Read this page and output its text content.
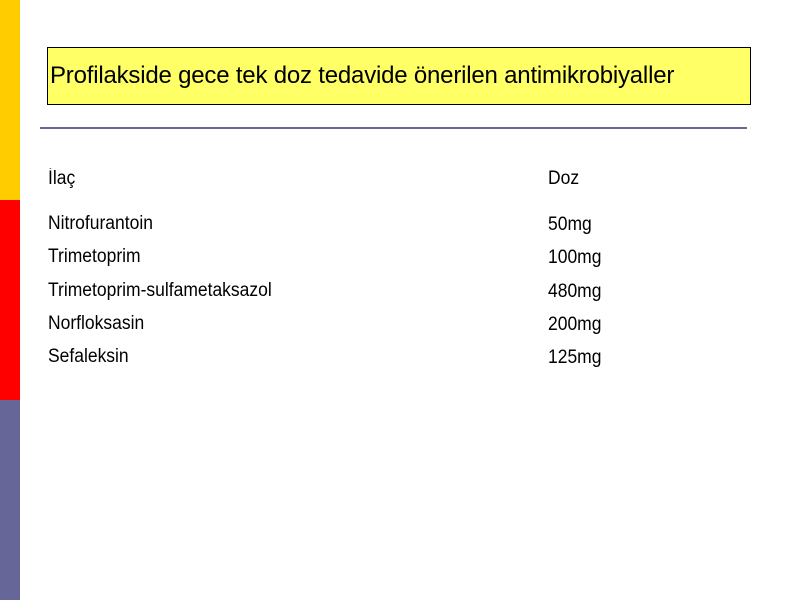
Profilakside gece tek doz tedavide önerilen antimikrobiyaller
İlaç	Doz
Nitrofurantoin	50mg
Trimetoprim	100mg
Trimetoprim-sulfametaksazol	480mg
Norfloksasin	200mg
Sefaleksin	125mg
